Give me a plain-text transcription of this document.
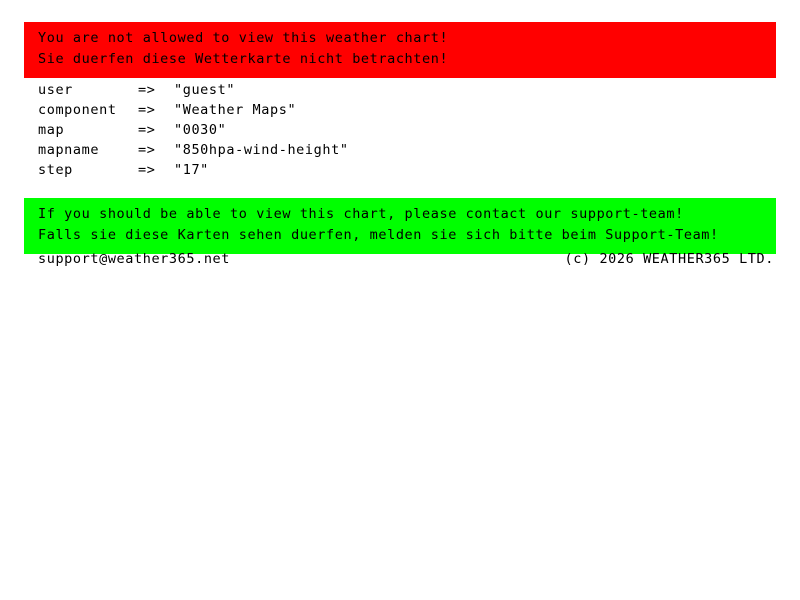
You are not allowed to view this weather chart!
Sie duerfen diese Wetterkarte nicht betrachten!
user	=>	"guest"
component	=>	"Weather Maps"
map	=>	"0030"
mapname	=>	"850hpa-wind-height"
step	=>	"17"
If you should be able to view this chart, please contact our support-team!
Falls sie diese Karten sehen duerfen, melden sie sich bitte beim Support-Team!
support@weather365.net	(c) 2026 WEATHER365 LTD.
